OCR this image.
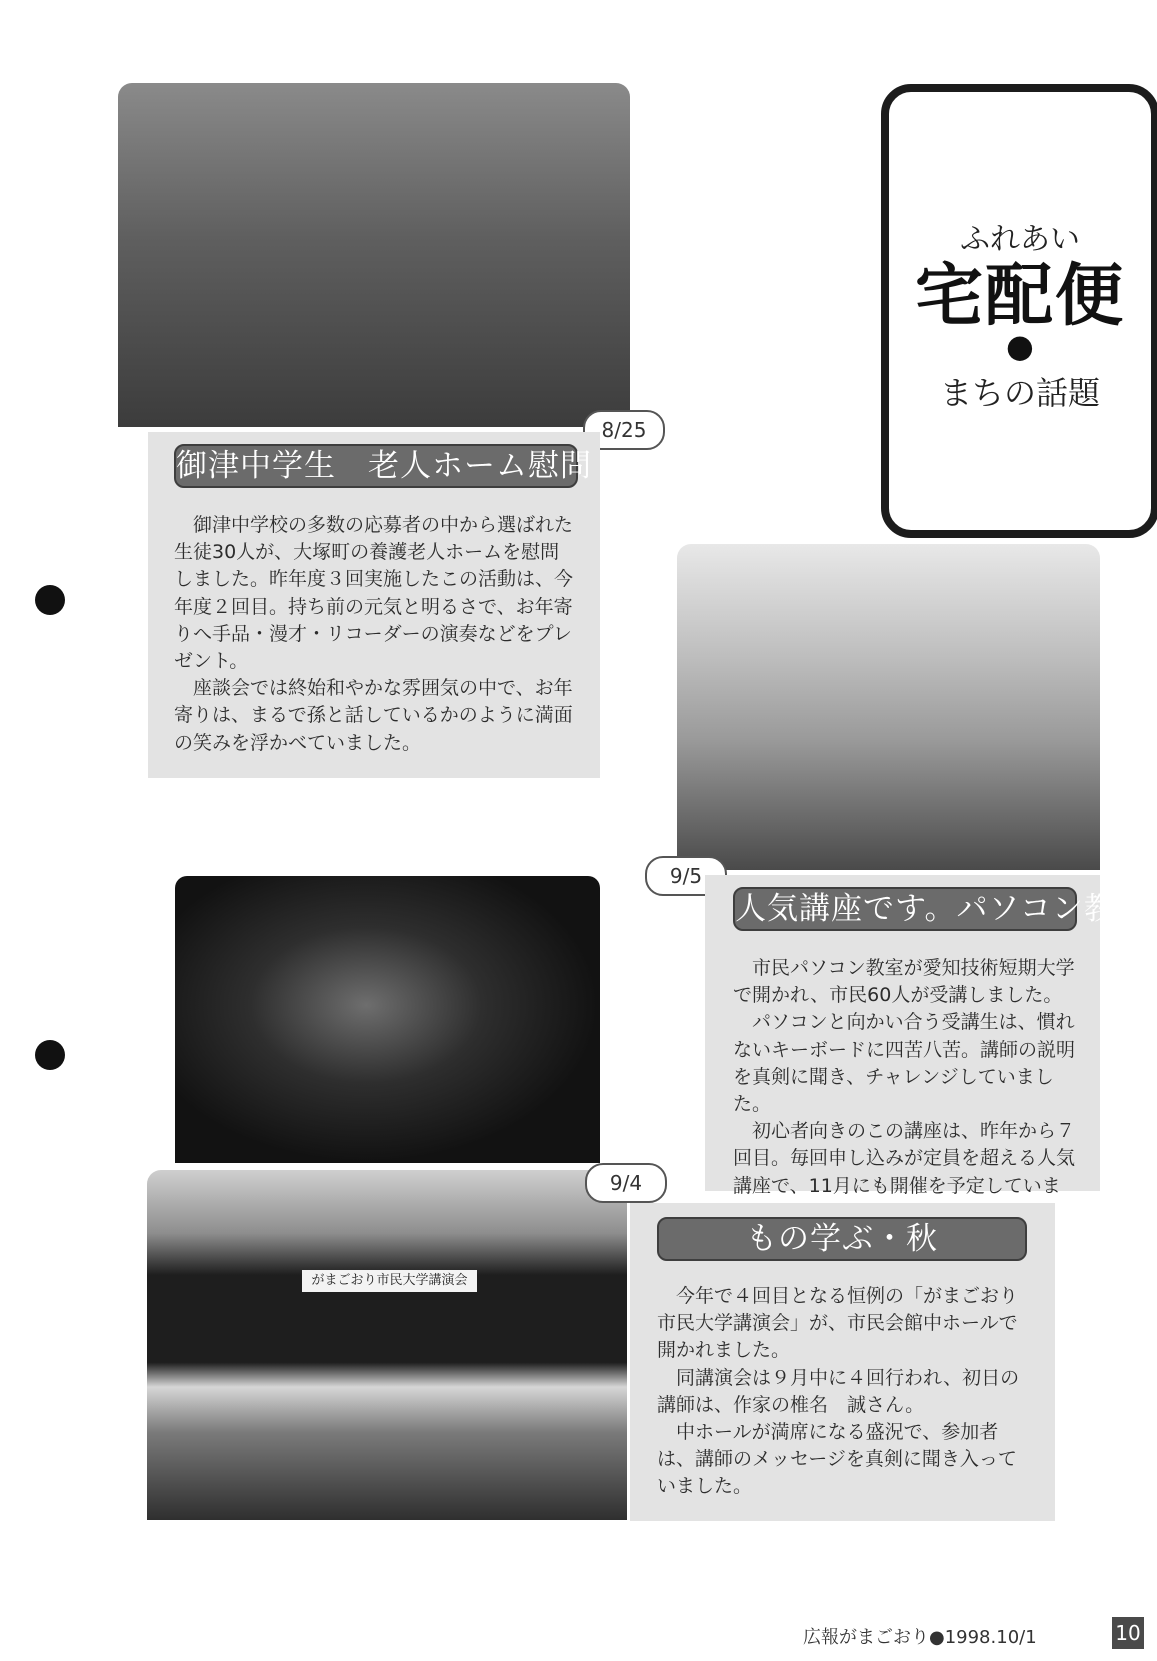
ふれあい
宅配便
●
まちの話題
8/25
御津中学生　老人ホーム慰問

御津中学校の多数の応募者の中から選ばれた生徒30人が、大塚町の養護老人ホームを慰問しました。昨年度３回実施したこの活動は、今年度２回目。持ち前の元気と明るさで、お年寄りへ手品・漫才・リコーダーの演奏などをプレゼント。

座談会では終始和やかな雰囲気の中で、お年寄りは、まるで孫と話しているかのように満面の笑みを浮かべていました。

9/5
人気講座です。パソコン教室

市民パソコン教室が愛知技術短期大学で開かれ、市民60人が受講しました。

パソコンと向かい合う受講生は、慣れないキーボードに四苦八苦。講師の説明を真剣に聞き、チャレンジしていました。

初心者向きのこの講座は、昨年から７回目。毎回申し込みが定員を超える人気講座で、11月にも開催を予定していま

がまごおり市民大学講演会
9/4
もの学ぶ・秋

今年で４回目となる恒例の「がまごおり市民大学講演会」が、市民会館中ホールで開かれました。

同講演会は９月中に４回行われ、初日の講師は、作家の椎名　誠さん。

中ホールが満席になる盛況で、参加者は、講師のメッセージを真剣に聞き入っていました。

広報がまごおり●1998.10/1	10
